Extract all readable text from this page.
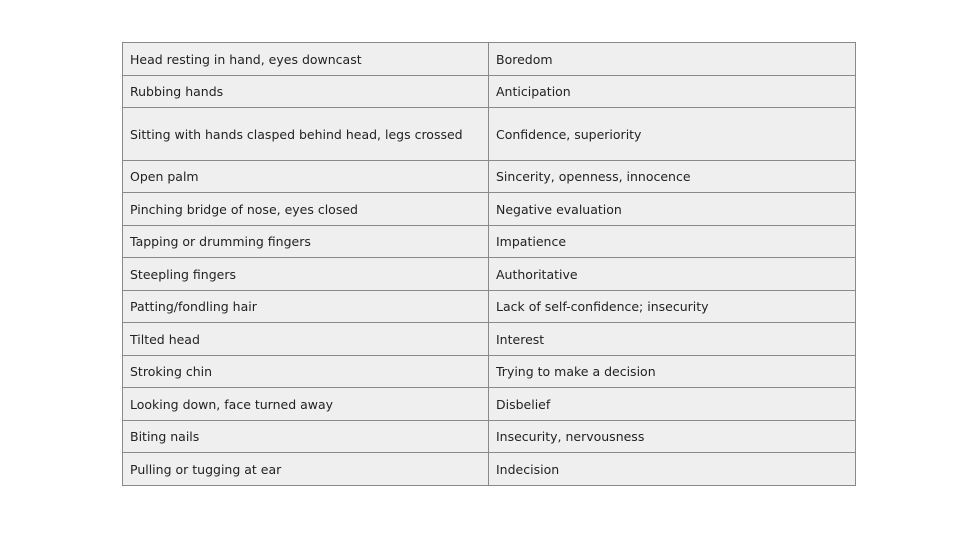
Head resting in hand, eyes downcast	Boredom
Rubbing hands	Anticipation
Sitting with hands clasped behind head, legs crossed	Confidence, superiority
Open palm	Sincerity, openness, innocence
Pinching bridge of nose, eyes closed	Negative evaluation
Tapping or drumming fingers	Impatience
Steepling fingers	Authoritative
Patting/fondling hair	Lack of self-confidence; insecurity
Tilted head	Interest
Stroking chin	Trying to make a decision
Looking down, face turned away	Disbelief
Biting nails	Insecurity, nervousness
Pulling or tugging at ear	Indecision
